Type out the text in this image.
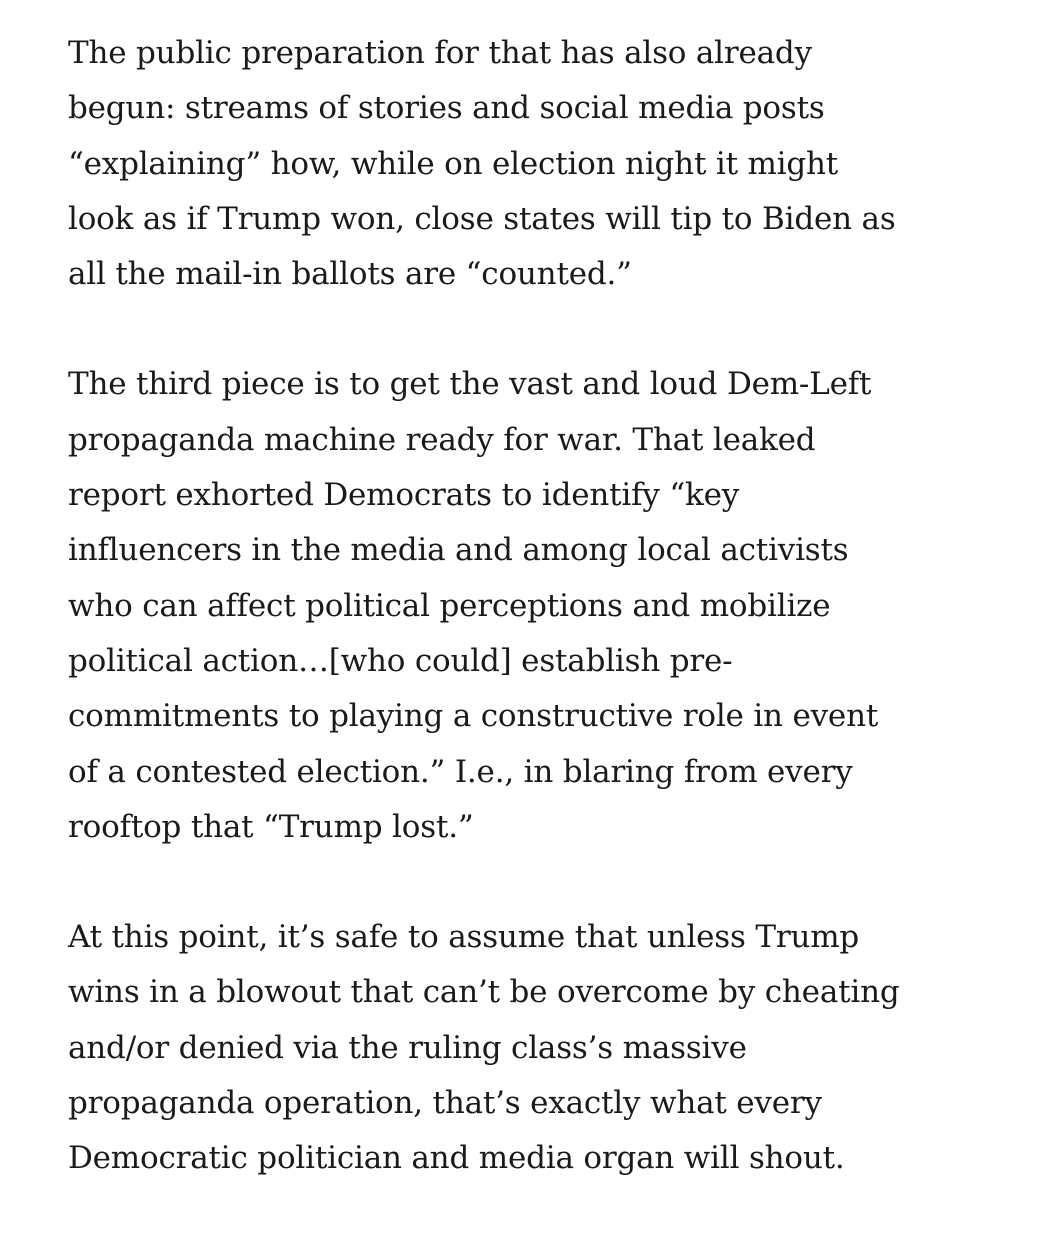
The public preparation for that has also already
begun: streams of stories and social media posts
“explaining” how, while on election night it might
look as if Trump won, close states will tip to Biden as
all the mail-in ballots are “counted.”

The third piece is to get the vast and loud Dem-Left
propaganda machine ready for war. That leaked
report exhorted Democrats to identify “key
influencers in the media and among local activists
who can affect political perceptions and mobilize
political action…[who could] establish pre-
commitments to playing a constructive role in event
of a contested election.” I.e., in blaring from every
rooftop that “Trump lost.”

At this point, it’s safe to assume that unless Trump
wins in a blowout that can’t be overcome by cheating
and/or denied via the ruling class’s massive
propaganda operation, that’s exactly what every
Democratic politician and media organ will shout.
